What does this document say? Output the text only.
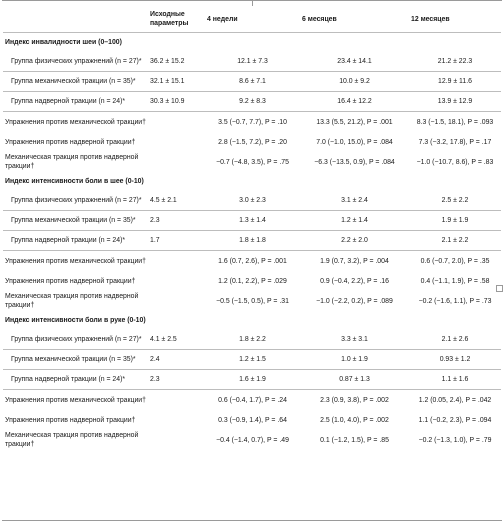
	Исходные параметры	4 недели	6 месяцев	12 месяцев
Индекс инвалидности шеи (0–100)				
Группа физических упражнений (n = 27)*	36.2 ± 15.2	12.1 ± 7.3	23.4 ± 14.1	21.2 ± 22.3
Группа механической тракции (n = 35)*	32.1 ± 15.1	8.6 ± 7.1	10.0 ± 9.2	12.9 ± 11.6
Группа надверной тракции (n = 24)*	30.3 ± 10.9	9.2 ± 8.3	16.4 ± 12.2	13.9 ± 12.9
Упражнения против механической тракции†		3.5 (−0.7, 7.7), P = .10	13.3 (5.5, 21.2), P = .001	8.3 (−1.5, 18.1), P = .093
Упражнения против надверной тракции†		2.8 (−1.5, 7.2), P = .20	7.0 (−1.0, 15.0), P = .084	7.3 (−3.2, 17.8), P = .17
Механическая тракция против надверной тракции†		−0.7 (−4.8, 3.5), P = .75	−6.3 (−13.5, 0.9), P = .084	−1.0 (−10.7, 8.6), P = .83
Индекс интенсивности боли в шее (0-10)				
Группа физических упражнений (n = 27)*	4.5 ± 2.1	3.0 ± 2.3	3.1 ± 2.4	2.5 ± 2.2
Группа механической тракции (n = 35)*	2.3	1.3 ± 1.4	1.2 ± 1.4	1.9 ± 1.9
Группа надверной тракции (n = 24)*	1.7	1.8 ± 1.8	2.2 ± 2.0	2.1 ± 2.2
Упражнения против механической тракции†		1.6 (0.7, 2.6), P = .001	1.9 (0.7, 3.2), P = .004	0.6 (−0.7, 2.0), P = .35
Упражнения против надверной тракции†		1.2 (0.1, 2.2), P = .029	0.9 (−0.4, 2.2), P = .16	0.4 (−1.1, 1.9), P = .58
Механическая тракция против надверной тракции†		−0.5 (−1.5, 0.5), P = .31	−1.0 (−2.2, 0.2), P = .089	−0.2 (−1.6, 1.1), P = .73
Индекс интенсивности боли в руке (0-10)				
Группа физических упражнений (n = 27)*	4.1 ± 2.5	1.8 ± 2.2	3.3 ± 3.1	2.1 ± 2.6
Группа механической тракции (n = 35)*	2.4	1.2 ± 1.5	1.0 ± 1.9	0.93 ± 1.2
Группа надверной тракции (n = 24)*	2.3	1.6 ± 1.9	0.87 ± 1.3	1.1 ± 1.6
Упражнения против механической тракции†		0.6 (−0.4, 1.7), P = .24	2.3 (0.9, 3.8), P = .002	1.2 (0.05, 2.4), P = .042
Упражнения против надверной тракции†		0.3 (−0.9, 1.4), P = .64	2.5 (1.0, 4.0), P = .002	1.1 (−0.2, 2.3), P = .094
Механическая тракция против надверной тракции†		−0.4 (−1.4, 0.7), P = .49	0.1 (−1.2, 1.5), P = .85	−0.2 (−1.3, 1.0), P = .79
